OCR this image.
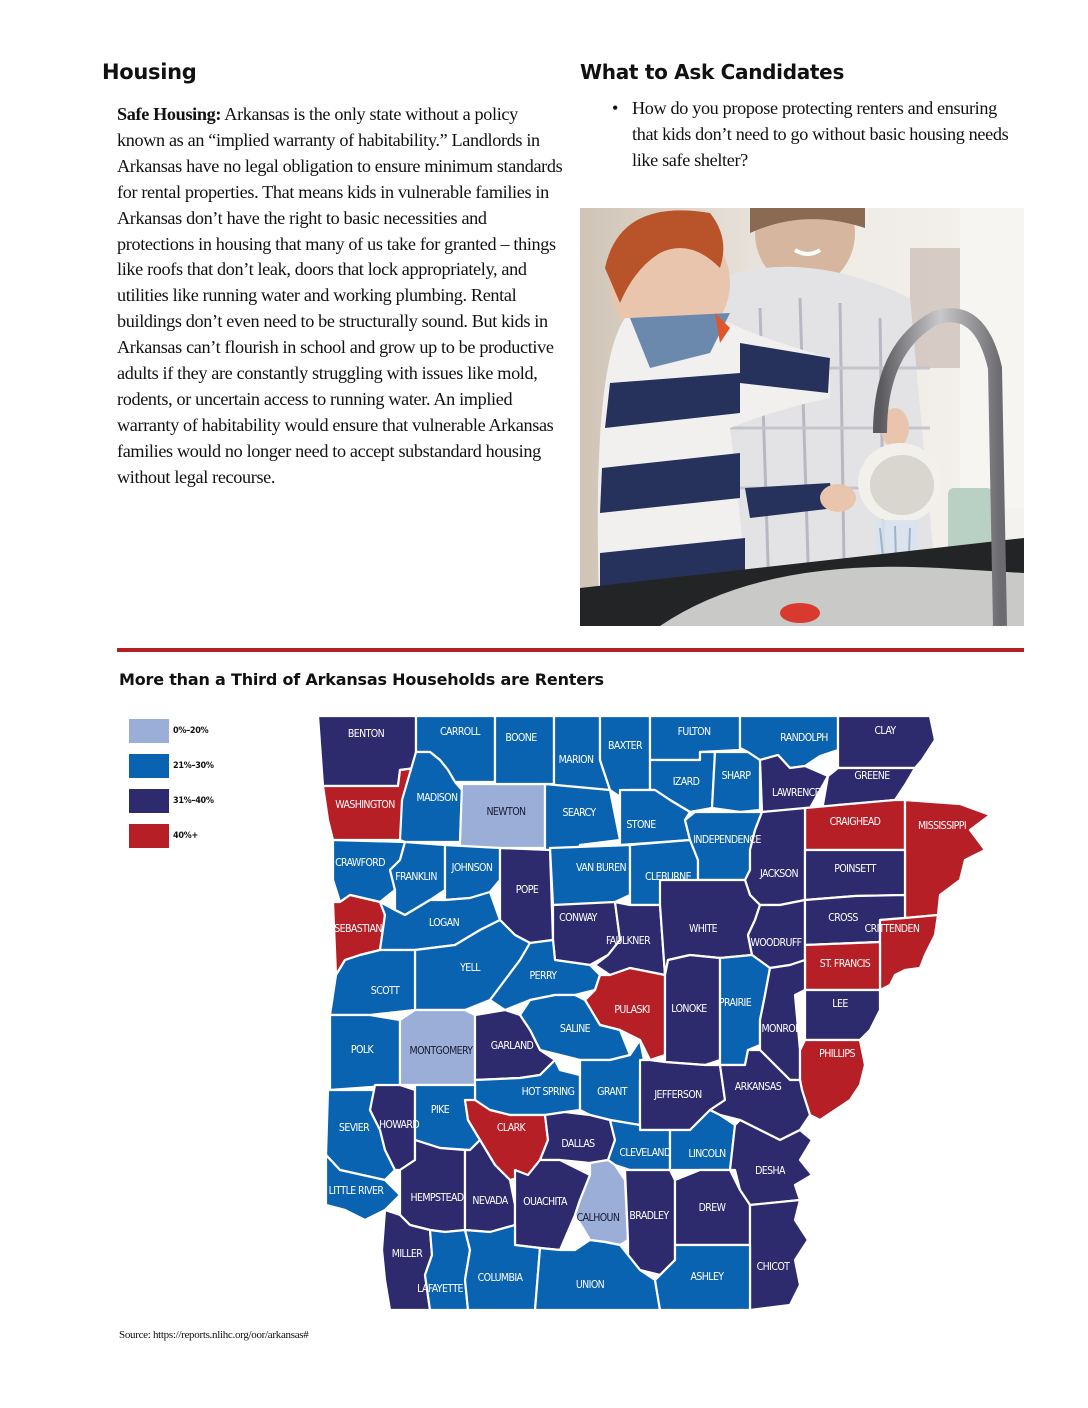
Housing
Safe Housing: Arkansas is the only state without a policy known as an “implied warranty of habitability.” Landlords in Arkansas have no legal obligation to ensure minimum standards for rental properties. That means kids in vulnerable families in Arkansas don’t have the right to basic necessities and protections in housing that many of us take for granted – things like roofs that don’t leak, doors that lock appropriately, and utilities like running water and working plumbing. Rental buildings don’t even need to be structurally sound. But kids in Arkansas can’t flourish in school and grow up to be productive adults if they are constantly struggling with issues like mold, rodents, or uncertain access to running water. An implied warranty of habitability would ensure that vulnerable Arkansas families would no longer need to accept substandard housing without legal recourse.
What to Ask Candidates
• How do you propose protecting renters and ensuring that kids don’t need to go without basic housing needs like safe shelter?
More than a Third of Arkansas Households are Renters
0%–20%
21%–30%
31%–40%
40%+
BENTON	CARROLL BOONE
MARION
BAXTER
FULTON	RANDOLPH
CLAY
WASHINGTON
MADISON
NEWTON	SEARCY
STONE
IZARD SHARP
LAWRENCE
GREENE
CRAIGHEAD	MISSISSIPPI
INDEPENDENCE
JACKSON	POINSETT
CRAWFORD
FRANKLIN
JOHNSON
POPE
VAN BUREN
CLEBURNE
SEBASTIAN	LOGAN	CONWAY
FAULKNER
WHITE
WOODRUFF
CROSS
CRITTENDEN
YELL
PERRY
ST. FRANCIS
SCOTT
PULASKI LONOKE PRAIRIE	LEE
SALINE	MONROE
POLK	MONTGOMERY GARLAND
PHILLIPS
HOT SPRING GRANT	JEFFERSON
ARKANSAS
SEVIER HOWARD
PIKE
CLARK
DALLAS
CLEVELAND LINCOLN
DESHA
LITTLE RIVER
HEMPSTEAD NEVADA OUACHITA
CALHOUN BRADLEY
DREW
CHICOT
MILLER
LAFAYETTE
COLUMBIA
UNION
ASHLEY
Source: https://reports.nlihc.org/oor/arkansas#
